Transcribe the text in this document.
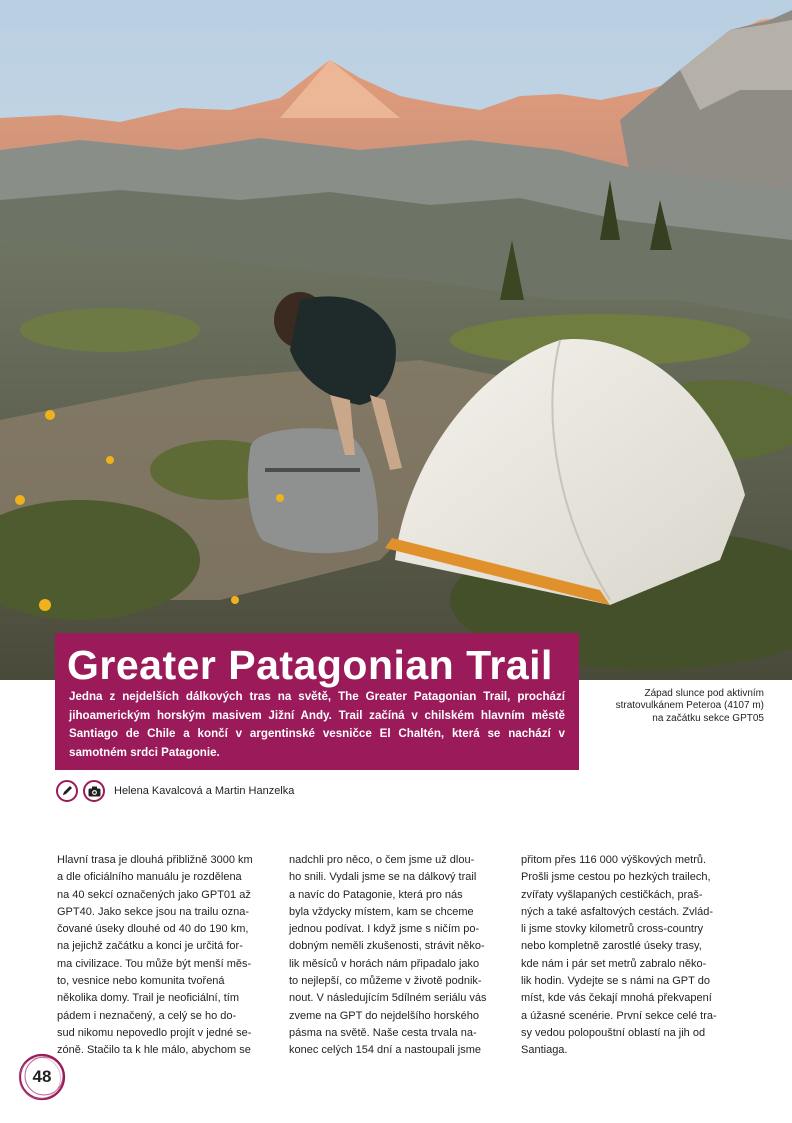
Greater Patagonian Trail

Jedna z nejdelších dálkových tras na světě, The Greater Patagonian Trail, prochází jihoamerickým horským masivem Jižní Andy. Trail začíná v chilském hlavním městě Santiago de Chile a končí v argentinské vesničce El Chaltén, která se nachází v samotném srdci Patagonie.

Západ slunce pod aktivním
stratovulkánem Peteroa (4107 m)
na začátku sekce GPT05
Helena Kavalcová a Martin Hanzelka
Hlavní trasa je dlouhá přibližně 3000 km
a dle oficiálního manuálu je rozdělena
na 40 sekcí označených jako GPT01 až
GPT40. Jako sekce jsou na trailu ozna-
čované úseky dlouhé od 40 do 190 km,
na jejichž začátku a konci je určitá for-
ma civilizace. Tou může být menší měs-
to, vesnice nebo komunita tvořená
několika domy. Trail je neoficiální, tím
pádem i neznačený, a celý se ho do-
sud nikomu nepovedlo projít v jedné se-
zóně. Stačilo ta k hle málo, abychom se
nadchli pro něco, o čem jsme už dlou-
ho snili. Vydali jsme se na dálkový trail
a navíc do Patagonie, která pro nás
byla vždycky místem, kam se chceme
jednou podívat. I když jsme s ničím po-
dobným neměli zkušenosti, strávit něko-
lik měsíců v horách nám připadalo jako
to nejlepší, co můžeme v životě podnik-
nout. V následujícím 5dílném seriálu vás
zveme na GPT do nejdelšího horského
pásma na světě. Naše cesta trvala na-
konec celých 154 dní a nastoupali jsme
přitom přes 116 000 výškových metrů.
Prošli jsme cestou po hezkých trailech,
zvířaty vyšlapaných cestičkách, praš-
ných a také asfaltových cestách. Zvlád-
li jsme stovky kilometrů cross-country
nebo kompletně zarostlé úseky trasy,
kde nám i pár set metrů zabralo něko-
lik hodin. Vydejte se s námi na GPT do
míst, kde vás čekají mnohá překvapení
a úžasné scenérie. První sekce celé tra-
sy vedou polopouštní oblastí na jih od
Santiaga.
48
